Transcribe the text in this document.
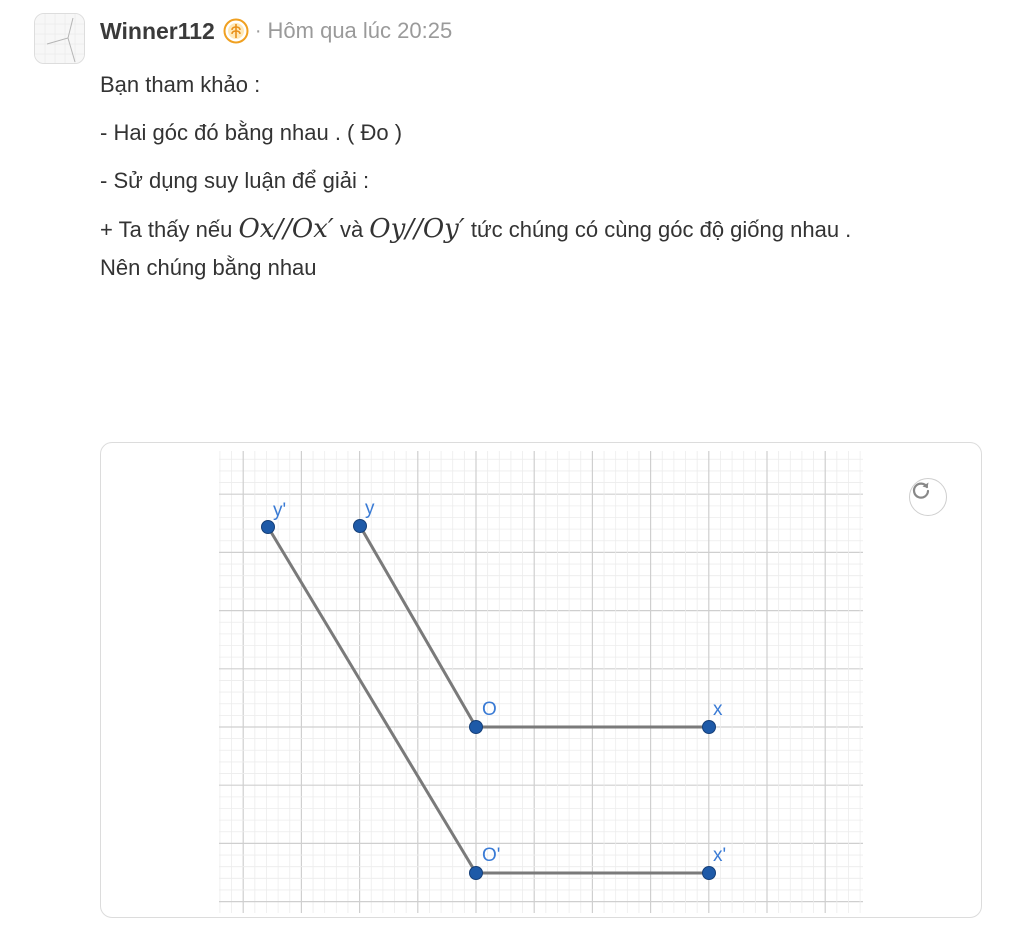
Winner112 · Hôm qua lúc 20:25

Bạn tham khảo :

- Hai góc đó bằng nhau . ( Đo )

- Sử dụng suy luận để giải :

+ Ta thấy nếu Ox//Ox′ và Oy//Oy′ tức chúng có cùng góc độ giống nhau .

Nên chúng bằng nhau

y'	y
O	x
O'	x'
